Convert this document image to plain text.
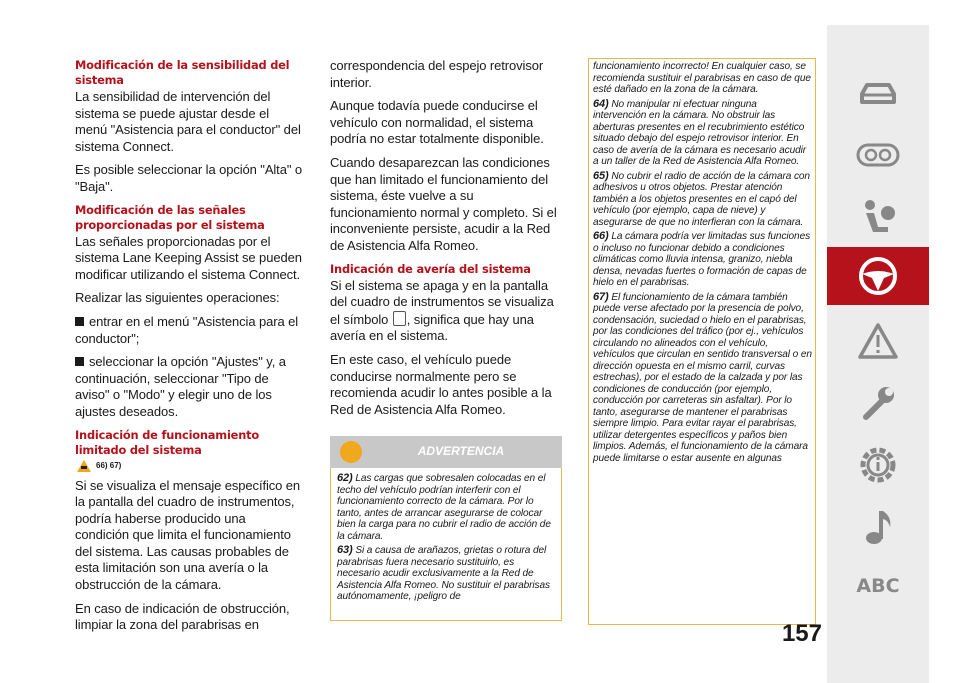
Modificación de la sensibilidad del sistema
La sensibilidad de intervención del sistema se puede ajustar desde el menú "Asistencia para el conductor" del sistema Connect.
Es posible seleccionar la opción "Alta" o "Baja".
Modificación de las señales proporcionadas por el sistema
Las señales proporcionadas por el sistema Lane Keeping Assist se pueden modificar utilizando el sistema Connect.
Realizar las siguientes operaciones:
entrar en el menú "Asistencia para el conductor";
seleccionar la opción "Ajustes" y, a continuación, seleccionar "Tipo de aviso" o "Modo" y elegir uno de los ajustes deseados.
Indicación de funcionamiento limitado del sistema
66) 67)
Si se visualiza el mensaje específico en la pantalla del cuadro de instrumentos, podría haberse producido una condición que limita el funcionamiento del sistema. Las causas probables de esta limitación son una avería o la obstrucción de la cámara.
En caso de indicación de obstrucción, limpiar la zona del parabrisas en
correspondencia del espejo retrovisor interior.
Aunque todavía puede conducirse el vehículo con normalidad, el sistema podría no estar totalmente disponible.
Cuando desaparezcan las condiciones que han limitado el funcionamiento del sistema, éste vuelve a su funcionamiento normal y completo. Si el inconveniente persiste, acudir a la Red de Asistencia Alfa Romeo.
Indicación de avería del sistema
Si el sistema se apaga y en la pantalla del cuadro de instrumentos se visualiza el símbolo , significa que hay una avería en el sistema.
En este caso, el vehículo puede conducirse normalmente pero se recomienda acudir lo antes posible a la Red de Asistencia Alfa Romeo.
ADVERTENCIA
62) Las cargas que sobresalen colocadas en el techo del vehículo podrían interferir con el funcionamiento correcto de la cámara. Por lo tanto, antes de arrancar asegurarse de colocar bien la carga para no cubrir el radio de acción de la cámara.
63) Si a causa de arañazos, grietas o rotura del parabrisas fuera necesario sustituirlo, es necesario acudir exclusivamente a la Red de Asistencia Alfa Romeo. No sustituir el parabrisas autónomamente, ¡peligro de
funcionamiento incorrecto! En cualquier caso, se recomienda sustituir el parabrisas en caso de que esté dañado en la zona de la cámara.
64) No manipular ni efectuar ninguna intervención en la cámara. No obstruir las aberturas presentes en el recubrimiento estético situado debajo del espejo retrovisor interior. En caso de avería de la cámara es necesario acudir a un taller de la Red de Asistencia Alfa Romeo.
65) No cubrir el radio de acción de la cámara con adhesivos u otros objetos. Prestar atención también a los objetos presentes en el capó del vehículo (por ejemplo, capa de nieve) y asegurarse de que no interfieran con la cámara.
66) La cámara podría ver limitadas sus funciones o incluso no funcionar debido a condiciones climáticas como lluvia intensa, granizo, niebla densa, nevadas fuertes o formación de capas de hielo en el parabrisas.
67) El funcionamiento de la cámara también puede verse afectado por la presencia de polvo, condensación, suciedad o hielo en el parabrisas, por las condiciones del tráfico (por ej., vehículos circulando no alineados con el vehículo, vehículos que circulan en sentido transversal o en dirección opuesta en el mismo carril, curvas estrechas), por el estado de la calzada y por las condiciones de conducción (por ejemplo, conducción por carreteras sin asfaltar). Por lo tanto, asegurarse de mantener el parabrisas siempre limpio. Para evitar rayar el parabrisas, utilizar detergentes específicos y paños bien limpios. Además, el funcionamiento de la cámara puede limitarse o estar ausente en algunas
157
ABC
